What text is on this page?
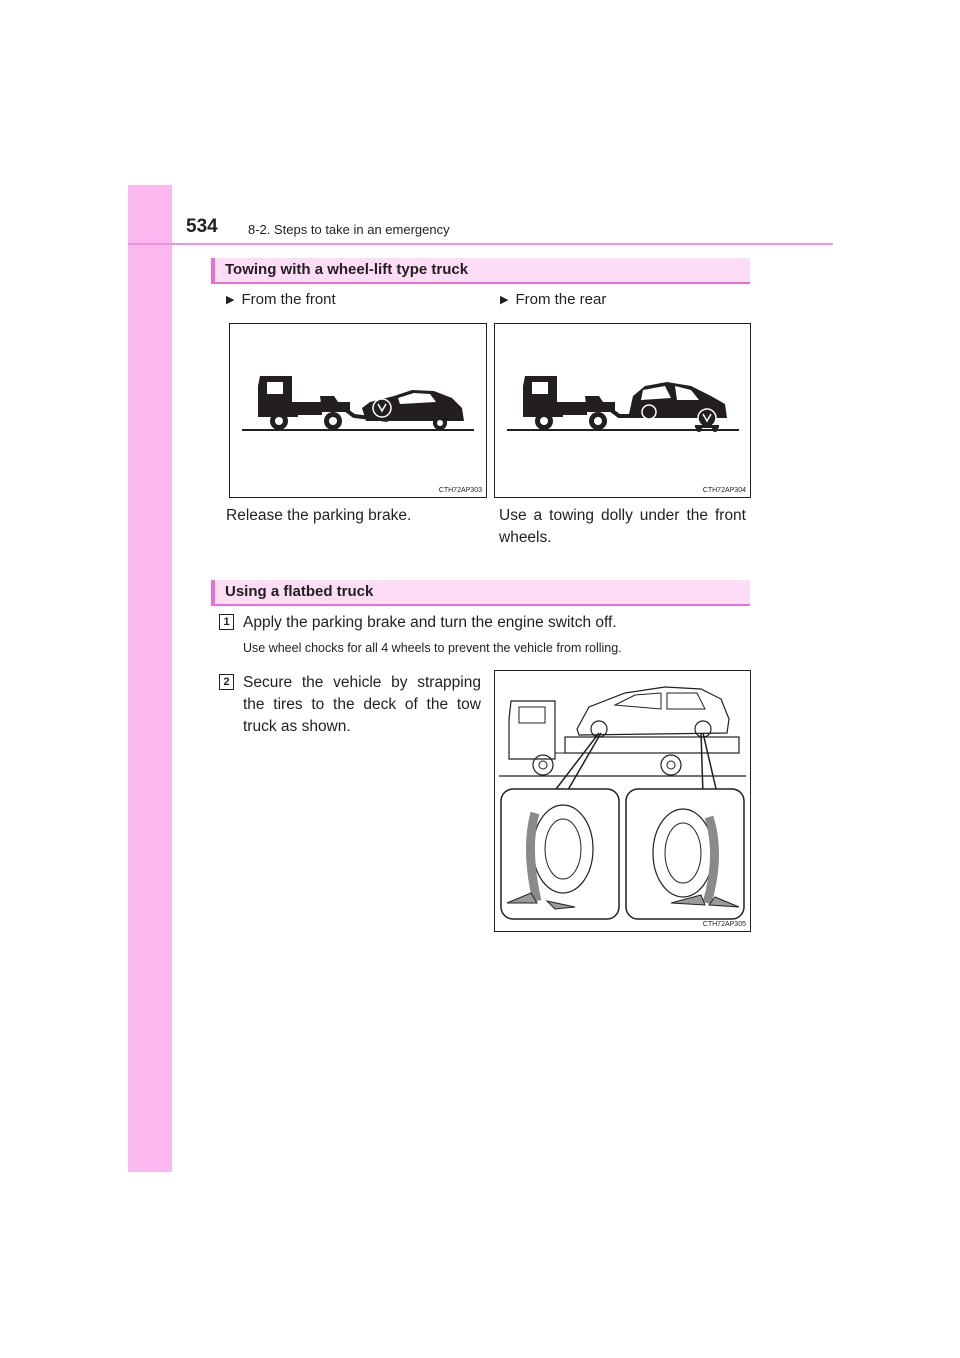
534 8-2. Steps to take in an emergency
Towing with a wheel-lift type truck
▶ From the front	▶ From the rear
CTH72AP303	CTH72AP304
Release the parking brake.	Use a towing dolly under the front wheels.
Using a flatbed truck
1 Apply the parking brake and turn the engine switch off.
Use wheel chocks for all 4 wheels to prevent the vehicle from rolling.
2 Secure the vehicle by strapping the tires to the deck of the tow truck as shown.
CTH72AP305
